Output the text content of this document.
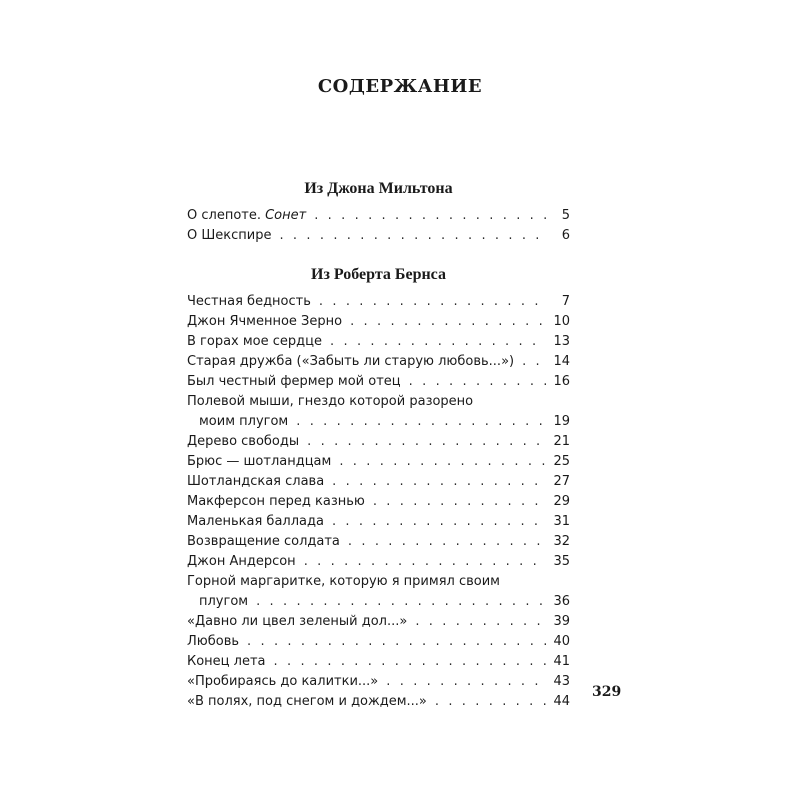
СОДЕРЖАНИЕ
Из Джона Мильтона
О слепоте. Сонет . . .	5
О Шекспире . . .	6
Из Роберта Бернса
Честная бедность . . .	7
Джон Ячменное Зерно . . .	10
В горах мое сердце . . .	13
Старая дружба («Забыть ли старую любовь...») . . .	14
Был честный фермер мой отец . . .	16
Полевой мыши, гнездо которой разорено
моим плугом . . .	19
Дерево свободы . . .	21
Брюс — шотландцам . . .	25
Шотландская слава . . .	27
Макферсон перед казнью . . .	29
Маленькая баллада . . .	31
Возвращение солдата . . .	32
Джон Андерсон . . .	35
Горной маргаритке, которую я примял своим
плугом . . .	36
«Давно ли цвел зеленый дол...» . . .	39
Любовь . . .	40
Конец лета . . .	41
«Пробираясь до калитки...» . . .	43
«В полях, под снегом и дождем...» . . .	44
329
